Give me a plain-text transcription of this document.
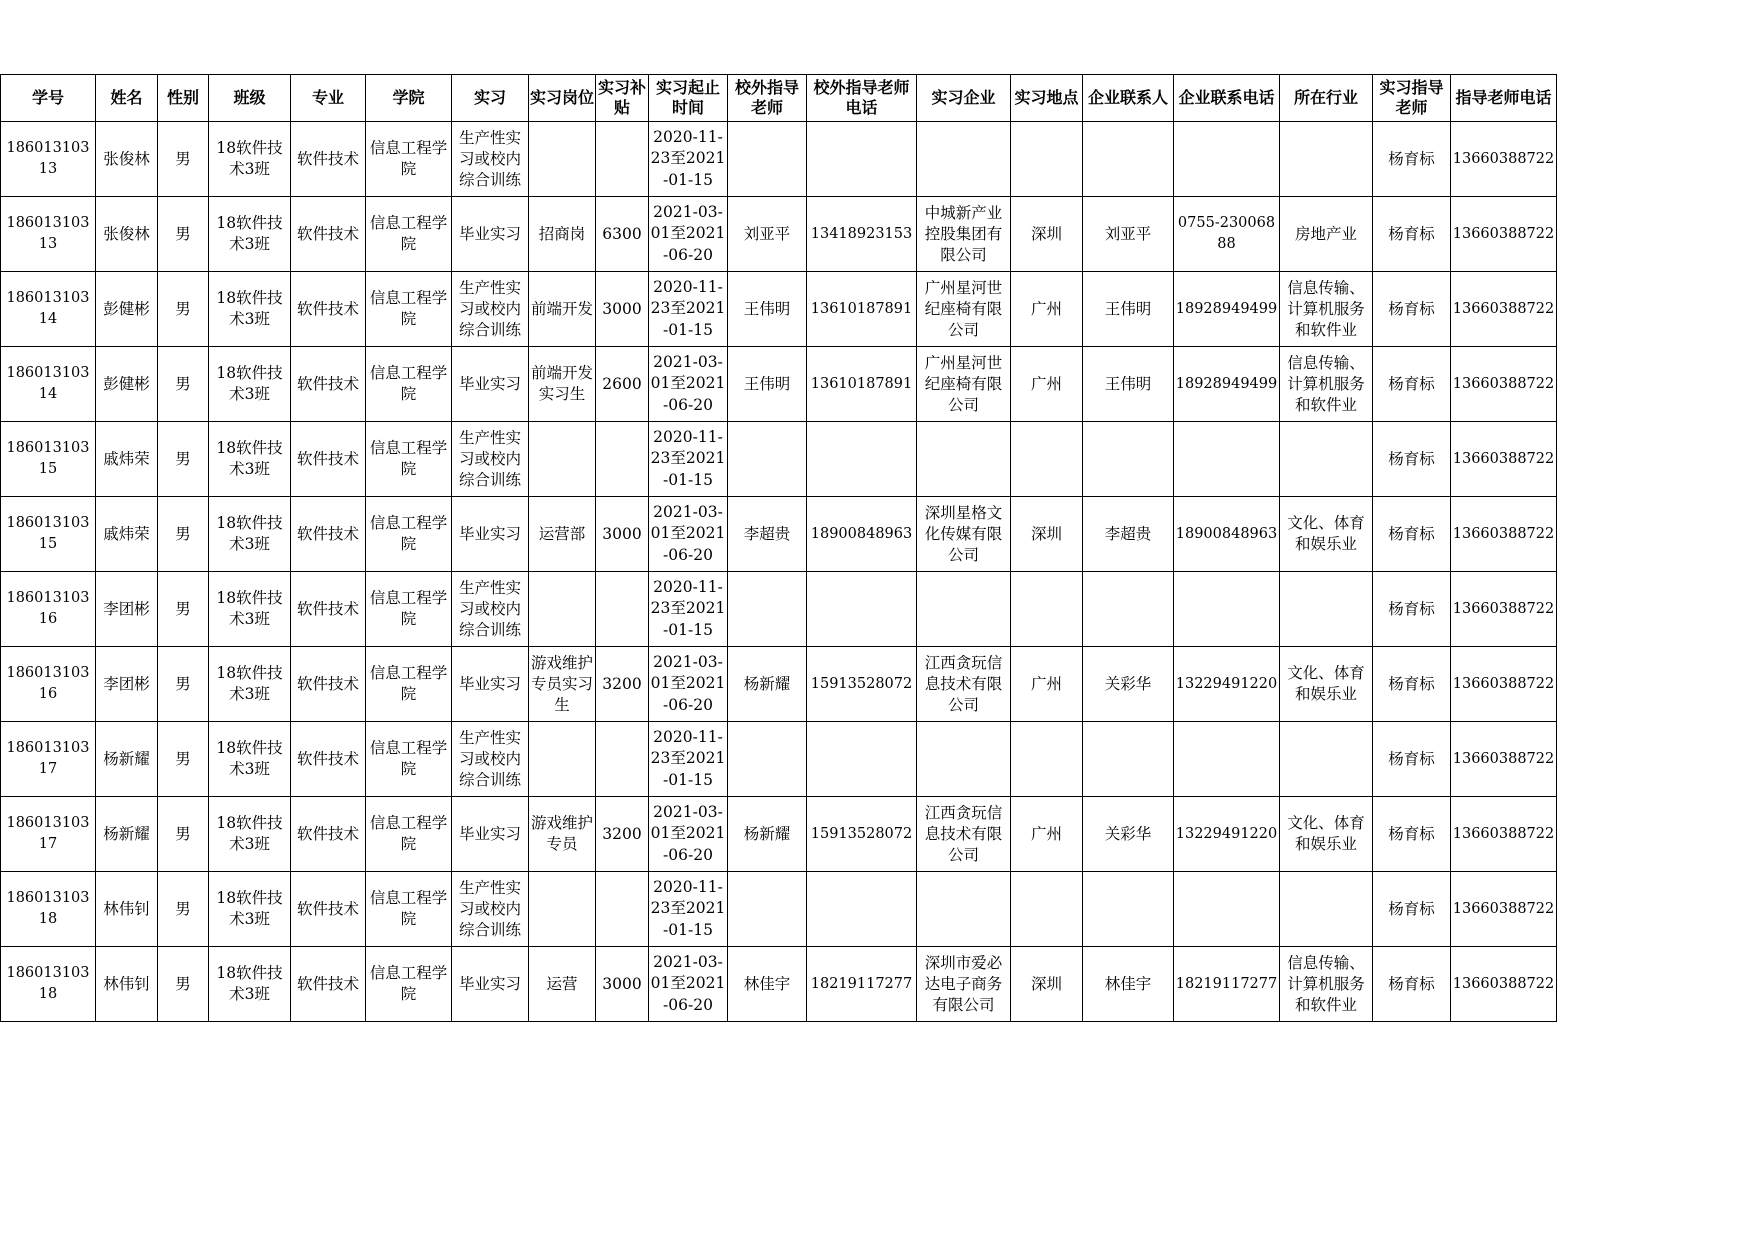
学号	姓名	性别	班级	专业	学院	实习	实习岗位	实习补贴	实习起止时间	校外指导老师	校外指导老师电话	实习企业	实习地点	企业联系人	企业联系电话	所在行业	实习指导老师	指导老师电话

18601310313	张俊林	男	18软件技术3班	软件技术	信息工程学院	生产性实习或校内综合训练			2020-11-23至2021-01-15								杨育标	13660388722

18601310313	张俊林	男	18软件技术3班	软件技术	信息工程学院	毕业实习	招商岗	6300	2021-03-01至2021-06-20	刘亚平	13418923153	中城新产业控股集团有限公司	深圳	刘亚平	0755-23006888	房地产业	杨育标	13660388722

18601310314	彭健彬	男	18软件技术3班	软件技术	信息工程学院	生产性实习或校内综合训练	前端开发	3000	2020-11-23至2021-01-15	王伟明	13610187891	广州星河世纪座椅有限公司	广州	王伟明	18928949499	信息传输、计算机服务和软件业	杨育标	13660388722

18601310314	彭健彬	男	18软件技术3班	软件技术	信息工程学院	毕业实习	前端开发实习生	2600	2021-03-01至2021-06-20	王伟明	13610187891	广州星河世纪座椅有限公司	广州	王伟明	18928949499	信息传输、计算机服务和软件业	杨育标	13660388722

18601310315	戚炜荣	男	18软件技术3班	软件技术	信息工程学院	生产性实习或校内综合训练			2020-11-23至2021-01-15								杨育标	13660388722

18601310315	戚炜荣	男	18软件技术3班	软件技术	信息工程学院	毕业实习	运营部	3000	2021-03-01至2021-06-20	李超贵	18900848963	深圳星格文化传媒有限公司	深圳	李超贵	18900848963	文化、体育和娱乐业	杨育标	13660388722

18601310316	李团彬	男	18软件技术3班	软件技术	信息工程学院	生产性实习或校内综合训练			2020-11-23至2021-01-15								杨育标	13660388722

18601310316	李团彬	男	18软件技术3班	软件技术	信息工程学院	毕业实习	游戏维护专员实习生	3200	2021-03-01至2021-06-20	杨新耀	15913528072	江西贪玩信息技术有限公司	广州	关彩华	13229491220	文化、体育和娱乐业	杨育标	13660388722

18601310317	杨新耀	男	18软件技术3班	软件技术	信息工程学院	生产性实习或校内综合训练			2020-11-23至2021-01-15								杨育标	13660388722

18601310317	杨新耀	男	18软件技术3班	软件技术	信息工程学院	毕业实习	游戏维护专员	3200	2021-03-01至2021-06-20	杨新耀	15913528072	江西贪玩信息技术有限公司	广州	关彩华	13229491220	文化、体育和娱乐业	杨育标	13660388722

18601310318	林伟钊	男	18软件技术3班	软件技术	信息工程学院	生产性实习或校内综合训练			2020-11-23至2021-01-15								杨育标	13660388722

18601310318	林伟钊	男	18软件技术3班	软件技术	信息工程学院	毕业实习	运营	3000	2021-03-01至2021-06-20	林佳宇	18219117277	深圳市爱必达电子商务有限公司	深圳	林佳宇	18219117277	信息传输、计算机服务和软件业	杨育标	13660388722
